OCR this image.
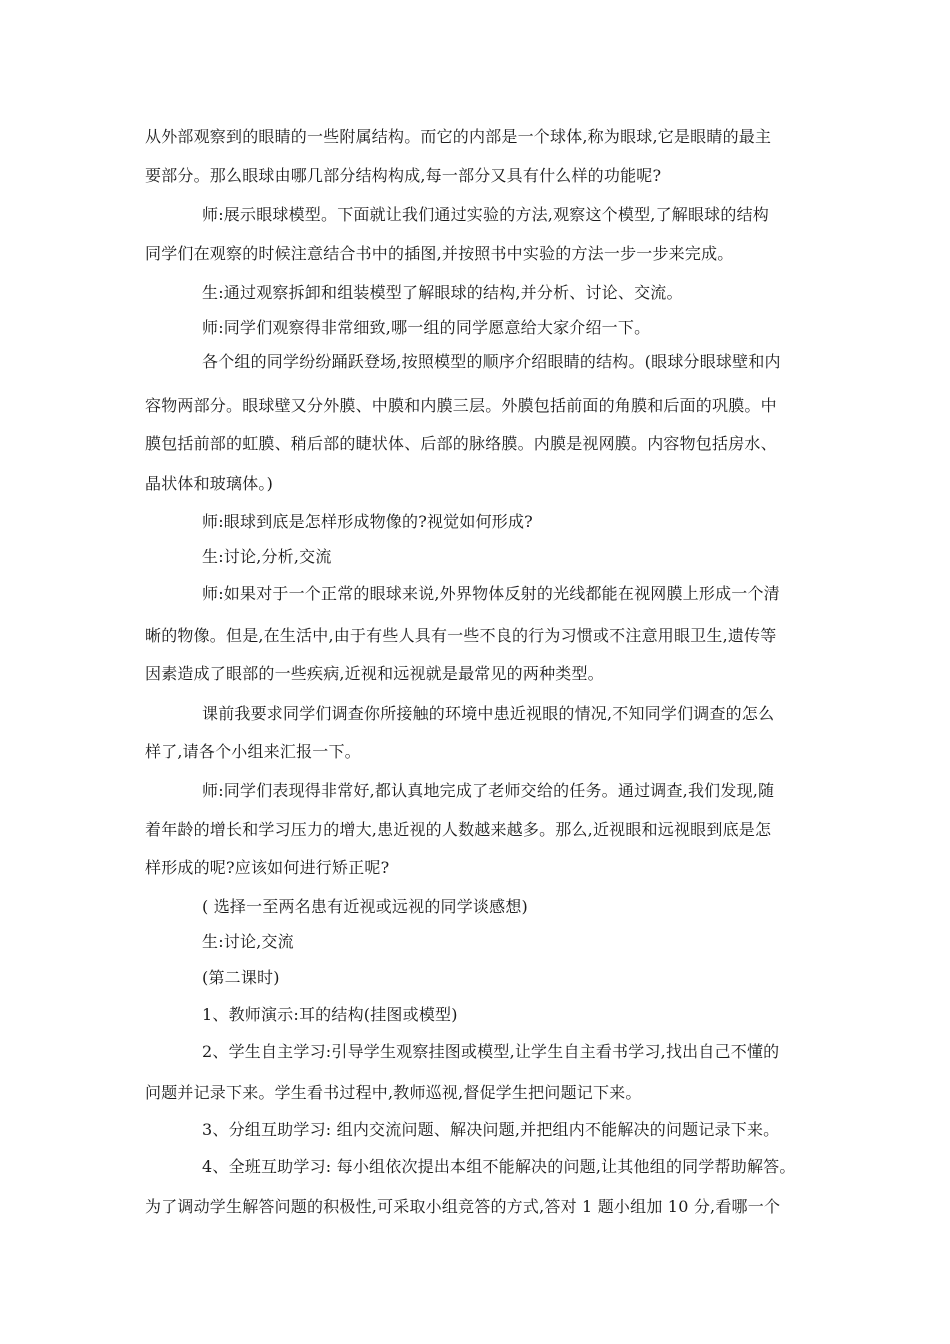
从外部观察到的眼睛的一些附属结构。而它的内部是一个球体,称为眼球,它是眼睛的最主
要部分。那么眼球由哪几部分结构构成,每一部分又具有什么样的功能呢?
师:展示眼球模型。下面就让我们通过实验的方法,观察这个模型,了解眼球的结构
同学们在观察的时候注意结合书中的插图,并按照书中实验的方法一步一步来完成。
生:通过观察拆卸和组装模型了解眼球的结构,并分析、讨论、交流。
师:同学们观察得非常细致,哪一组的同学愿意给大家介绍一下。
各个组的同学纷纷踊跃登场,按照模型的顺序介绍眼睛的结构。(眼球分眼球壁和内
容物两部分。眼球壁又分外膜、中膜和内膜三层。外膜包括前面的角膜和后面的巩膜。中
膜包括前部的虹膜、稍后部的睫状体、后部的脉络膜。内膜是视网膜。内容物包括房水、
晶状体和玻璃体。)
师:眼球到底是怎样形成物像的?视觉如何形成?
生:讨论,分析,交流
师:如果对于一个正常的眼球来说,外界物体反射的光线都能在视网膜上形成一个清
晰的物像。但是,在生活中,由于有些人具有一些不良的行为习惯或不注意用眼卫生,遗传等
因素造成了眼部的一些疾病,近视和远视就是最常见的两种类型。
课前我要求同学们调查你所接触的环境中患近视眼的情况,不知同学们调查的怎么
样了,请各个小组来汇报一下。
师:同学们表现得非常好,都认真地完成了老师交给的任务。通过调查,我们发现,随
着年龄的增长和学习压力的增大,患近视的人数越来越多。那么,近视眼和远视眼到底是怎
样形成的呢?应该如何进行矫正呢?
( 选择一至两名患有近视或远视的同学谈感想)
生:讨论,交流
(第二课时)
1、教师演示:耳的结构(挂图或模型)
2、学生自主学习:引导学生观察挂图或模型,让学生自主看书学习,找出自己不懂的
问题并记录下来。学生看书过程中,教师巡视,督促学生把问题记下来。
3、分组互助学习: 组内交流问题、解决问题,并把组内不能解决的问题记录下来。
4、全班互助学习: 每小组依次提出本组不能解决的问题,让其他组的同学帮助解答。
为了调动学生解答问题的积极性,可采取小组竞答的方式,答对 1 题小组加 10 分,看哪一个
